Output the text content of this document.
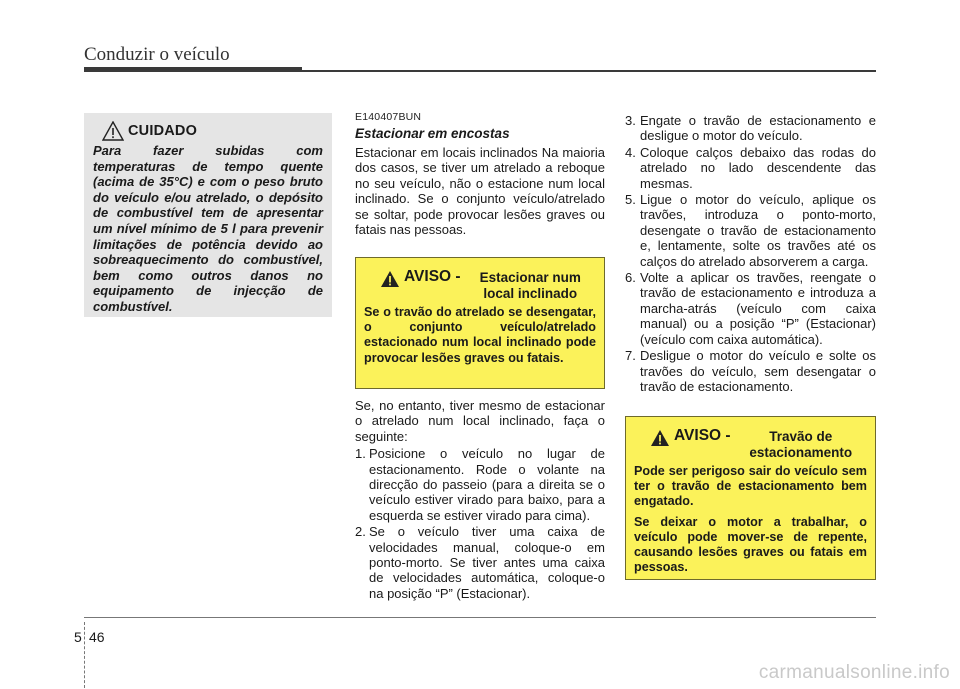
Conduzir o veículo
CUIDADO
Para fazer subidas com temperaturas de tempo quente (acima de 35°C) e com o peso bruto do veículo e/ou atrelado, o depósito de combustível tem de apresentar um nível mínimo de 5 l para prevenir limitações de potência devido ao sobreaquecimento do combustível, bem como outros danos no equipamento de injecção de combustível.
E140407BUN
Estacionar em encostas
Estacionar em locais inclinados Na maioria dos casos, se tiver um atrelado a reboque no seu veículo, não o estacione num local inclinado. Se o conjunto veículo/atrelado se soltar, pode provocar lesões graves ou fatais nas pessoas.
AVISO -	Estacionar num local inclinado
Se o travão do atrelado se desengatar, o conjunto veículo/atrelado estacionado num local inclinado pode provocar lesões graves ou fatais.
Se, no entanto, tiver mesmo de estacionar o atrelado num local inclinado, faça o seguinte:
1. Posicione o veículo no lugar de estacionamento. Rode o volante na direcção do passeio (para a direita se o veículo estiver virado para baixo, para a esquerda se estiver virado para cima).
2. Se o veículo tiver uma caixa de velocidades manual, coloque-o em ponto-morto. Se tiver antes uma caixa de velocidades automática, coloque-o na posição “P” (Estacionar).
3. Engate o travão de estacionamento e desligue o motor do veículo.
4. Coloque calços debaixo das rodas do atrelado no lado descendente das mesmas.
5. Ligue o motor do veículo, aplique os travões, introduza o ponto-morto, desengate o travão de estacionamento e, lentamente, solte os travões até os calços do atrelado absorverem a carga.
6. Volte a aplicar os travões, reengate o travão de estacionamento e introduza a marcha-atrás (veículo com caixa manual) ou a posição “P” (Estacionar) (veículo com caixa automática).
7. Desligue o motor do veículo e solte os travões do veículo, sem desengatar o travão de estacionamento.
AVISO -	Travão de estacionamento
Pode ser perigoso sair do veículo sem ter o travão de estacionamento bem engatado.
Se deixar o motor a trabalhar, o veículo pode mover-se de repente, causando lesões graves ou fatais em pessoas.
5 46
carmanualsonline.info
